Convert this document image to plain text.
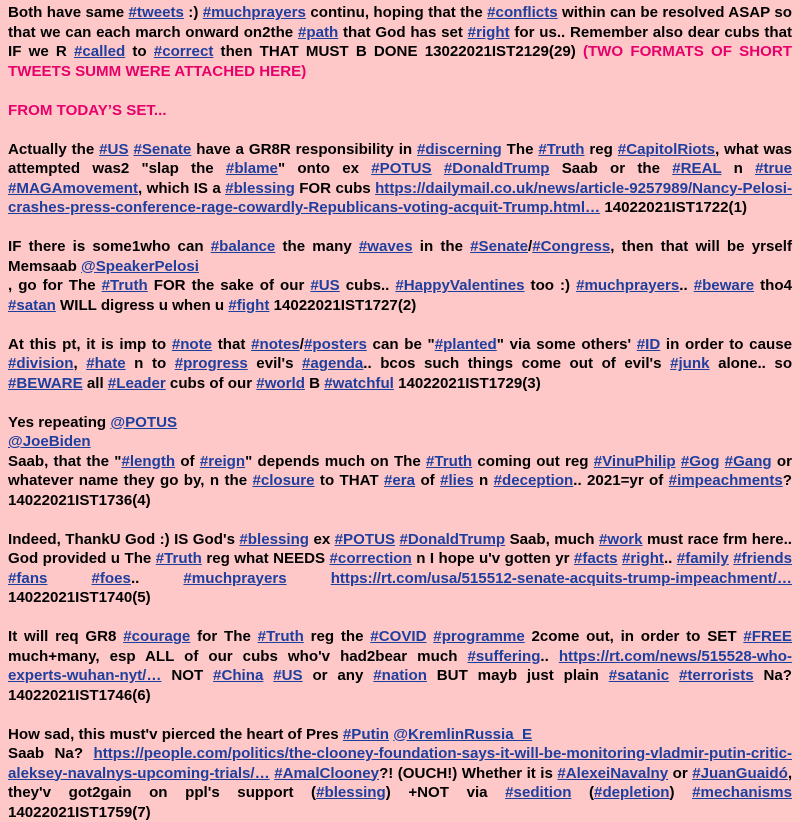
Both have same #tweets :) #muchprayers continu, hoping that the #conflicts within can be resolved ASAP so that we can each march onward on2the #path that God has set #right for us.. Remember also dear cubs that IF we R #called to #correct then THAT MUST B DONE 13022021IST2129(29) (TWO FORMATS OF SHORT TWEETS SUMM WERE ATTACHED HERE)

FROM TODAY’S SET...

Actually the #US #Senate have a GR8R responsibility in #discerning The #Truth reg #CapitolRiots, what was attempted was2 "slap the #blame" onto ex #POTUS #DonaldTrump Saab or the #REAL n #true #MAGAmovement, which IS a #blessing FOR cubs https://dailymail.co.uk/news/article-9257989/Nancy-Pelosi-crashes-press-conference-rage-cowardly-Republicans-voting-acquit-Trump.html… 14022021IST1722(1)

IF there is some1who can #balance the many #waves in the #Senate/#Congress, then that will be yrself Memsaab @SpeakerPelosi
, go for The #Truth FOR the sake of our #US cubs.. #HappyValentines too :) #muchprayers.. #beware tho4 #satan WILL digress u when u #fight 14022021IST1727(2)

At this pt, it is imp to #note that #notes/#posters can be "#planted" via some others' #ID in order to cause #division, #hate n to #progress evil's #agenda.. bcos such things come out of evil's #junk alone.. so #BEWARE all #Leader cubs of our #world B #watchful 14022021IST1729(3)

Yes repeating @POTUS
@JoeBiden
Saab, that the "#length of #reign" depends much on The #Truth coming out reg #VinuPhilip #Gog #Gang or whatever name they go by, n the #closure to THAT #era of #lies n #deception.. 2021=yr of #impeachments? 14022021IST1736(4)

Indeed, ThankU God :) IS God's #blessing ex #POTUS #DonaldTrump Saab, much #work must race frm here.. God provided u The #Truth reg what NEEDS #correction n I hope u'v gotten yr #facts #right.. #family #friends #fans	#foes.. #muchprayers	https://rt.com/usa/515512-senate-acquits-trump-impeachment/… 14022021IST1740(5)

It will req GR8 #courage for The #Truth reg the #COVID #programme 2come out, in order to SET #FREE much+many, esp ALL of our cubs who'v had2bear much #suffering.. https://rt.com/news/515528-who-experts-wuhan-nyt/… NOT #China #US or any #nation BUT mayb just plain #satanic #terrorists Na? 14022021IST1746(6)

How sad, this must'v pierced the heart of Pres #Putin @KremlinRussia_E
Saab Na? https://people.com/politics/the-clooney-foundation-says-it-will-be-monitoring-vladmir-putin-critic-aleksey-navalnys-upcoming-trials/… #AmalClooney?! (OUCH!) Whether it is #AlexeiNavalny or #JuanGuaidó, they'v got2gain on ppl's support (#blessing) +NOT via #sedition (#depletion) #mechanisms 14022021IST1759(7)
